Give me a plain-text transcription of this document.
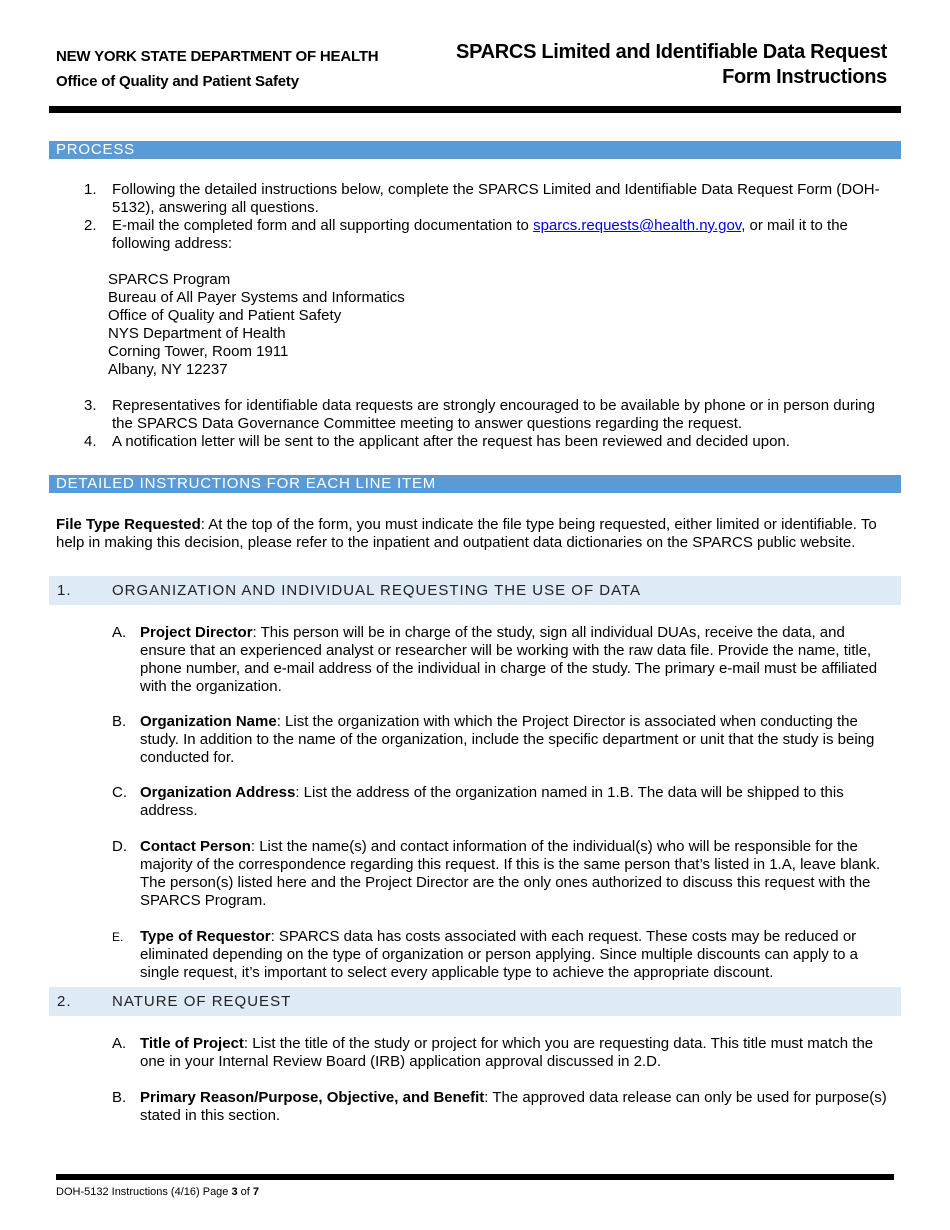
NEW YORK STATE DEPARTMENT OF HEALTH
Office of Quality and Patient Safety
SPARCS Limited and Identifiable Data Request
Form Instructions
PROCESS
1. Following the detailed instructions below, complete the SPARCS Limited and Identifiable Data Request Form (DOH-5132), answering all questions.
2. E-mail the completed form and all supporting documentation to sparcs.requests@health.ny.gov, or mail it to the following address:
SPARCS Program
Bureau of All Payer Systems and Informatics
Office of Quality and Patient Safety
NYS Department of Health
Corning Tower, Room 1911
Albany, NY 12237
3. Representatives for identifiable data requests are strongly encouraged to be available by phone or in person during the SPARCS Data Governance Committee meeting to answer questions regarding the request.
4. A notification letter will be sent to the applicant after the request has been reviewed and decided upon.
DETAILED INSTRUCTIONS FOR EACH LINE ITEM
File Type Requested: At the top of the form, you must indicate the file type being requested, either limited or identifiable. To help in making this decision, please refer to the inpatient and outpatient data dictionaries on the SPARCS public website.
1.	ORGANIZATION AND INDIVIDUAL REQUESTING THE USE OF DATA
A. Project Director: This person will be in charge of the study, sign all individual DUAs, receive the data, and ensure that an experienced analyst or researcher will be working with the raw data file. Provide the name, title, phone number, and e-mail address of the individual in charge of the study. The primary e-mail must be affiliated with the organization.
B. Organization Name: List the organization with which the Project Director is associated when conducting the study. In addition to the name of the organization, include the specific department or unit that the study is being conducted for.
C. Organization Address: List the address of the organization named in 1.B. The data will be shipped to this address.
D. Contact Person: List the name(s) and contact information of the individual(s) who will be responsible for the majority of the correspondence regarding this request. If this is the same person that’s listed in 1.A, leave blank. The person(s) listed here and the Project Director are the only ones authorized to discuss this request with the SPARCS Program.
E. Type of Requestor: SPARCS data has costs associated with each request. These costs may be reduced or eliminated depending on the type of organization or person applying. Since multiple discounts can apply to a single request, it’s important to select every applicable type to achieve the appropriate discount.
2.	NATURE OF REQUEST
A. Title of Project: List the title of the study or project for which you are requesting data. This title must match the one in your Internal Review Board (IRB) application approval discussed in 2.D.
B. Primary Reason/Purpose, Objective, and Benefit: The approved data release can only be used for purpose(s) stated in this section.
DOH-5132 Instructions (4/16) Page 3 of 7
